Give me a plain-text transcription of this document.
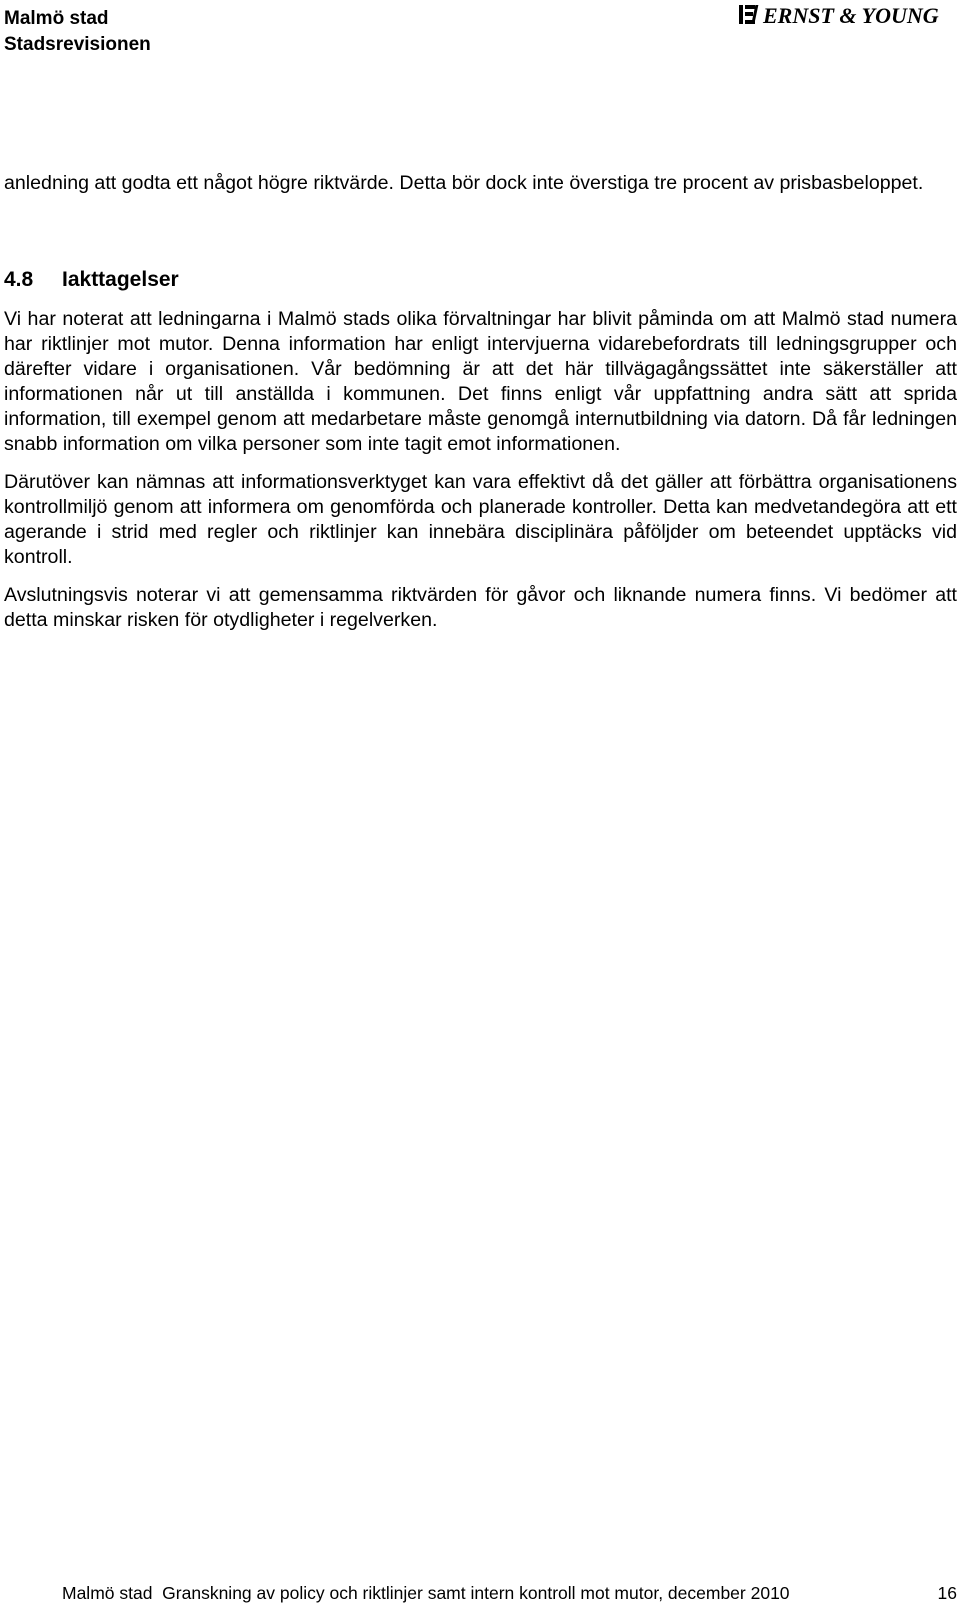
Malmö stad
Stadsrevisionen
ERNST & YOUNG

anledning att godta ett något högre riktvärde. Detta bör dock inte överstiga tre procent av prisbasbeloppet.

4.8 Iakttagelser

Vi har noterat att ledningarna i Malmö stads olika förvaltningar har blivit påminda om att Malmö stad numera har riktlinjer mot mutor. Denna information har enligt intervjuerna vidarebefordrats till ledningsgrupper och därefter vidare i organisationen. Vår bedömning är att det här tillvägagångssättet inte säkerställer att informationen når ut till anställda i kommunen. Det finns enligt vår uppfattning andra sätt att sprida information, till exempel genom att medarbetare måste genomgå internutbildning via datorn. Då får ledningen snabb information om vilka personer som inte tagit emot informationen.

Därutöver kan nämnas att informationsverktyget kan vara effektivt då det gäller att förbättra organisationens kontrollmiljö genom att informera om genomförda och planerade kontroller. Detta kan medvetandegöra att ett agerande i strid med regler och riktlinjer kan innebära disciplinära påföljder om beteendet upptäcks vid kontroll.

Avslutningsvis noterar vi att gemensamma riktvärden för gåvor och liknande numera finns. Vi bedömer att detta minskar risken för otydligheter i regelverken.

Malmö stad  Granskning av policy och riktlinjer samt intern kontroll mot mutor, december 2010	16
